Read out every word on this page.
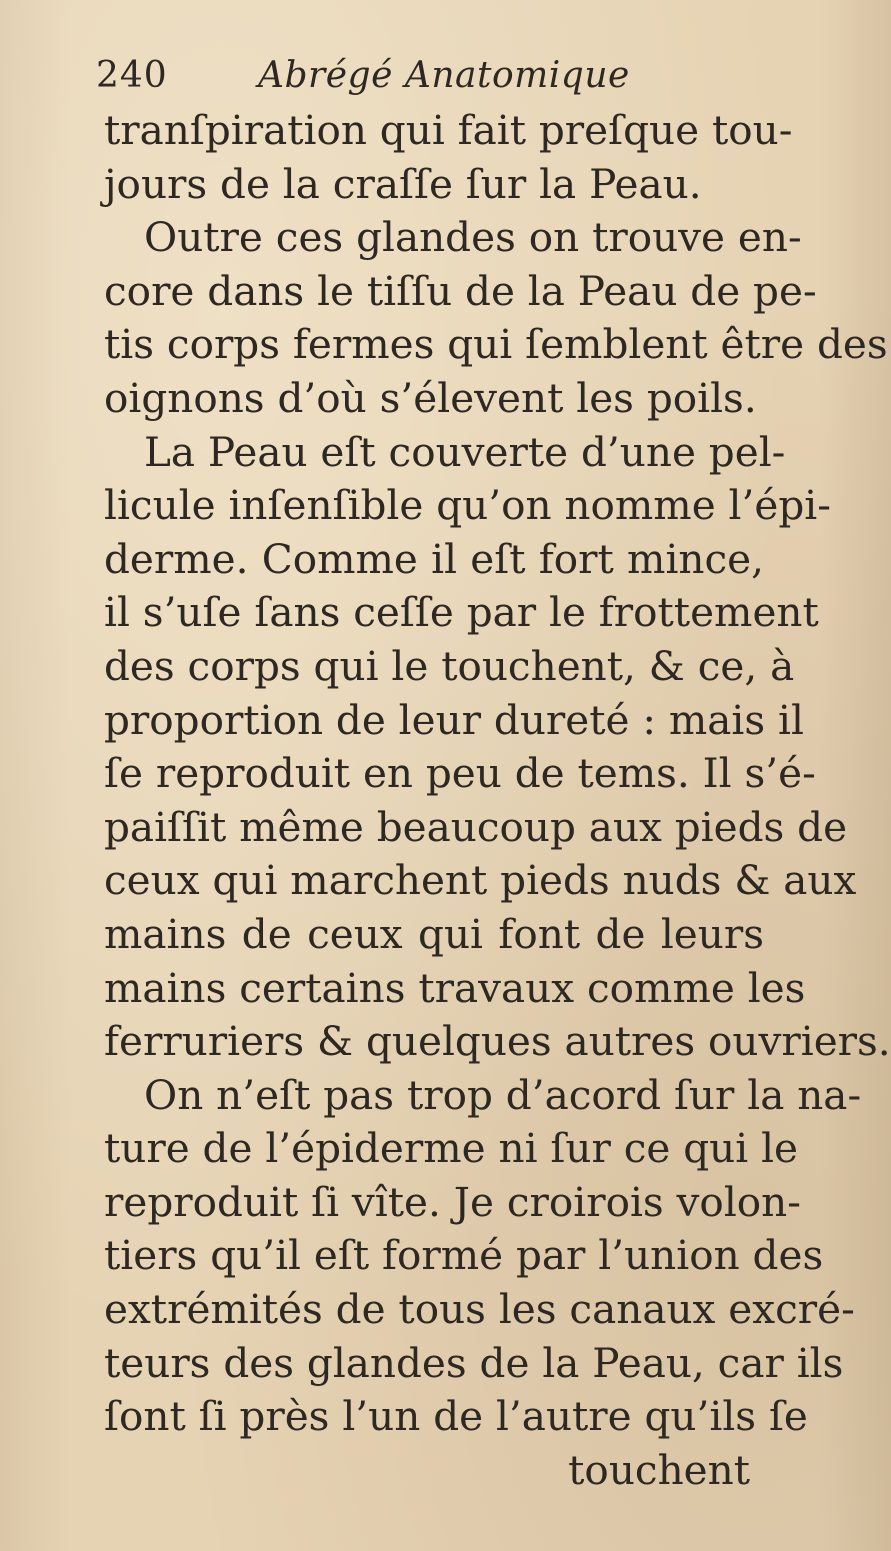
240	Abrégé Anatomique
tranſpiration qui fait preſque tou-
jours de la craſſe ſur la Peau.
Outre ces glandes on trouve en-
core dans le tiſſu de la Peau de pe-
tis corps fermes qui ſemblent être des
oignons d’où s’élevent les poils.
La Peau eſt couverte d’une pel-
licule inſenſible qu’on nomme l’épi-
derme. Comme il eſt fort mince,
il s’uſe ſans ceſſe par le frottement
des corps qui le touchent, & ce, à
proportion de leur dureté : mais il
ſe reproduit en peu de tems. Il s’é-
paiſſit même beaucoup aux pieds de
ceux qui marchent pieds nuds & aux
mains de ceux qui font de leurs
mains certains travaux comme les
ferruriers & quelques autres ouvriers.
On n’eſt pas trop d’acord ſur la na-
ture de l’épiderme ni ſur ce qui le
reproduit ſi vîte. Je croirois volon-
tiers qu’il eſt formé par l’union des
extrémités de tous les canaux excré-
teurs des glandes de la Peau, car ils
ſont ſi près l’un de l’autre qu’ils ſe
touchent
